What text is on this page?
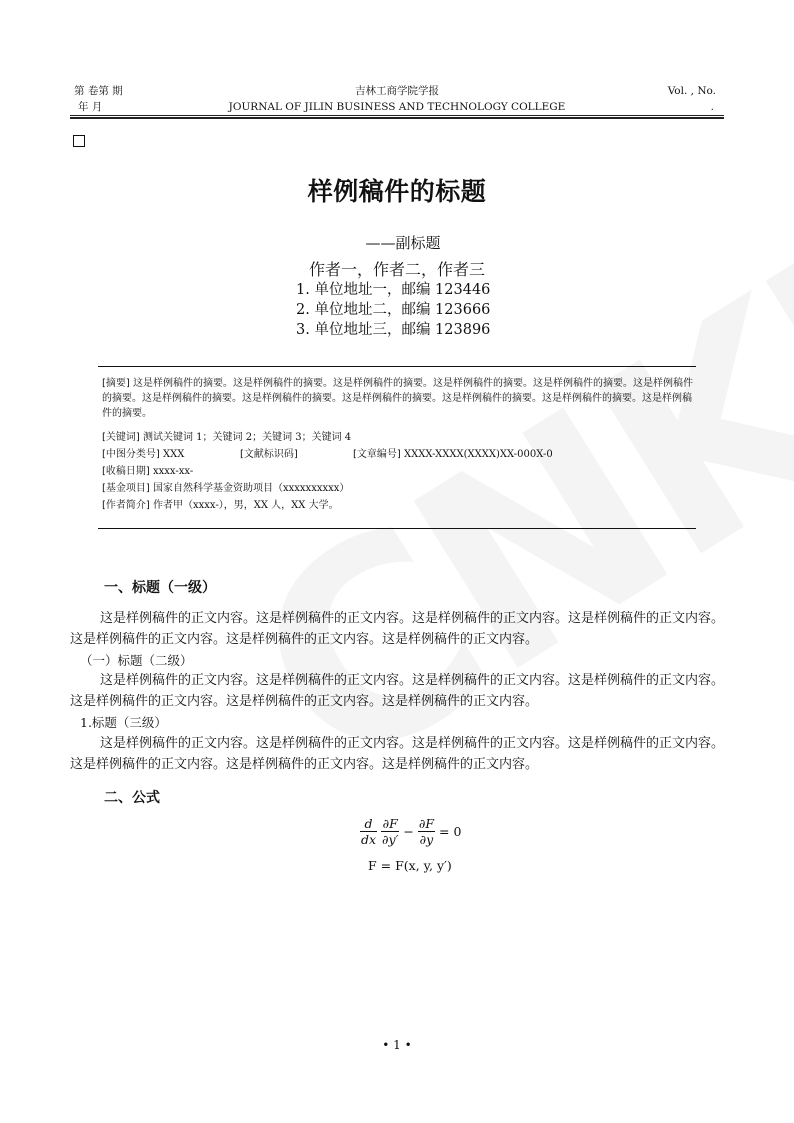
第 卷第 期
年 月
吉林工商学院学报
JOURNAL OF JILIN BUSINESS AND TECHNOLOGY COLLEGE
Vol. , No.
.
样例稿件的标题
——副标题
作者一，作者二，作者三
1. 单位地址一，邮编 123446
2. 单位地址二，邮编 123666
3. 单位地址三，邮编 123896
[摘要] 这是样例稿件的摘要。这是样例稿件的摘要。这是样例稿件的摘要。这是样例稿件的摘要。这是样例稿件的摘要。这是样例稿件的摘要。这是样例稿件的摘要。这是样例稿件的摘要。这是样例稿件的摘要。这是样例稿件的摘要。这是样例稿件的摘要。这是样例稿件的摘要。
[关键词] 测试关键词 1；关键词 2；关键词 3；关键词 4
[中图分类号] XXX	[文献标识码]	[文章编号] XXXX-XXXX(XXXX)XX-000X-0
[收稿日期] xxxx-xx-
[基金项目] 国家自然科学基金资助项目（xxxxxxxxxx）
[作者简介] 作者甲（xxxx-），男，XX 人，XX 大学。
一、标题（一级）
这是样例稿件的正文内容。这是样例稿件的正文内容。这是样例稿件的正文内容。这是样例稿件的正文内容。这是样例稿件的正文内容。这是样例稿件的正文内容。这是样例稿件的正文内容。
（一）标题（二级）
这是样例稿件的正文内容。这是样例稿件的正文内容。这是样例稿件的正文内容。这是样例稿件的正文内容。这是样例稿件的正文内容。这是样例稿件的正文内容。这是样例稿件的正文内容。
1.标题（三级）
这是样例稿件的正文内容。这是样例稿件的正文内容。这是样例稿件的正文内容。这是样例稿件的正文内容。这是样例稿件的正文内容。这是样例稿件的正文内容。这是样例稿件的正文内容。
二、公式
$\frac{d}{dx}$
$\frac{\partial F}{\partial y'} - \frac{\partial F}{\partial y} = 0$
F = F(x, y, y′)
• 1 •
